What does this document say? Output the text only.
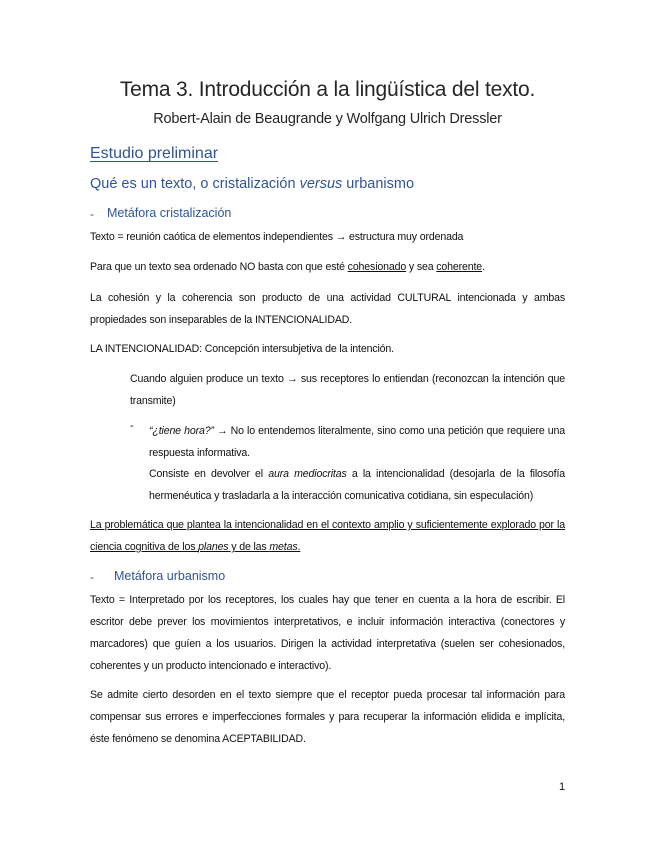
Tema 3. Introducción a la lingüística del texto.
Robert-Alain de Beaugrande y Wolfgang Ulrich Dressler
Estudio preliminar
Qué es un texto, o cristalización versus urbanismo
- Metáfora cristalización

Texto = reunión caótica de elementos independientes → estructura muy ordenada

Para que un texto sea ordenado NO basta con que esté cohesionado y sea coherente.

La cohesión y la coherencia son producto de una actividad CULTURAL intencionada y ambas propiedades son inseparables de la INTENCIONALIDAD.

LA INTENCIONALIDAD: Concepción intersubjetiva de la intención.

Cuando alguien produce un texto → sus receptores lo entiendan (reconozcan la intención que transmite)

- “¿tiene hora?” → No lo entendemos literalmente, sino como una petición que requiere una respuesta informativa.

Consiste en devolver el aura mediocritas a la intencionalidad (desojarla de la filosofía hermenéutica y trasladarla a la interacción comunicativa cotidiana, sin especulación)

La problemática que plantea la intencionalidad en el contexto amplio y suficientemente explorado por la ciencia cognitiva de los planes y de las metas.

- Metáfora urbanismo

Texto = Interpretado por los receptores, los cuales hay que tener en cuenta a la hora de escribir. El escritor debe prever los movimientos interpretativos, e incluir información interactiva (conectores y marcadores) que guíen a los usuarios. Dirigen la actividad interpretativa (suelen ser cohesionados, coherentes y un producto intencionado e interactivo).

Se admite cierto desorden en el texto siempre que el receptor pueda procesar tal información para compensar sus errores e imperfecciones formales y para recuperar la información elidida e implícita, éste fenómeno se denomina ACEPTABILIDAD.

1
